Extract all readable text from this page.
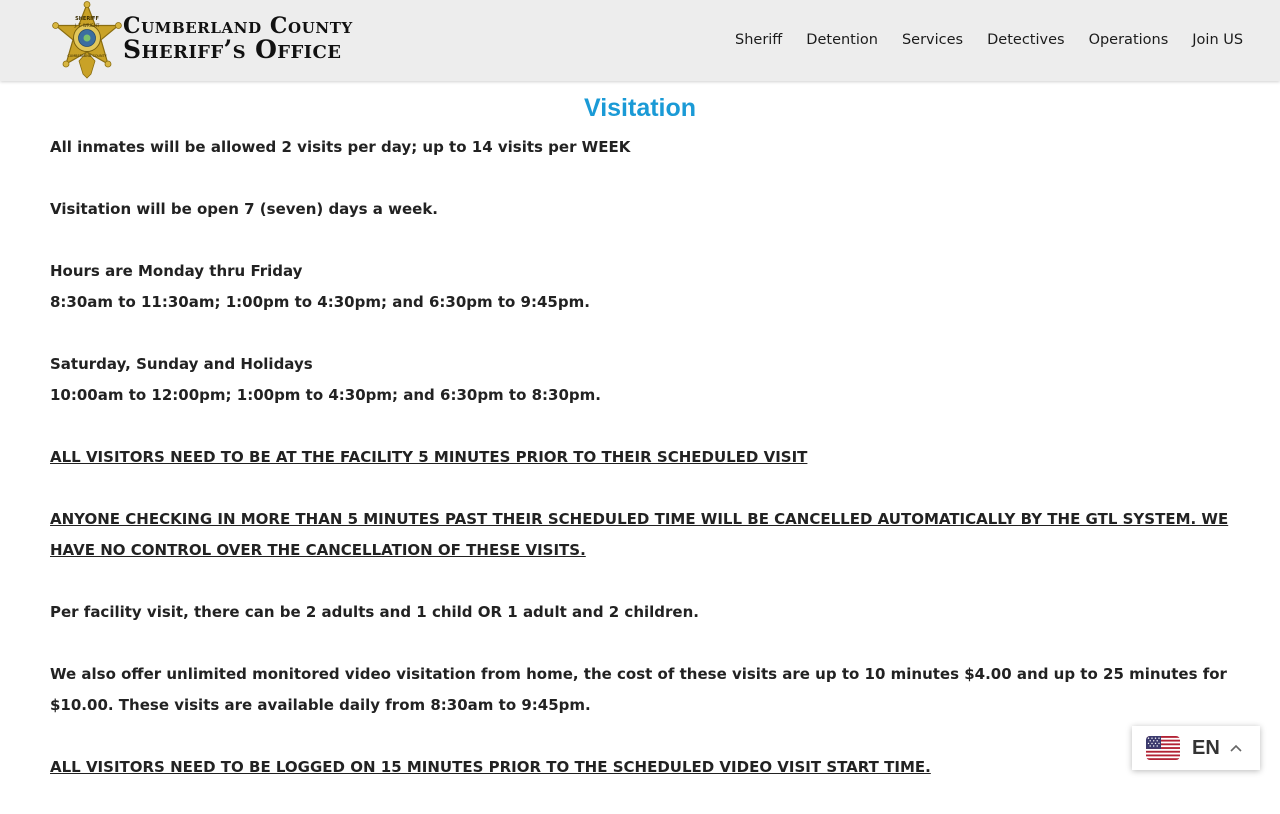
SHERIFF
J. T. WRIGHT
CUMBERLAND COUNTY
Cumberland County
Sheriff’s Office	Sheriff Detention Services Detectives Operations Join US
Visitation

All inmates will be allowed 2 visits per day; up to 14 visits per WEEK

Visitation will be open 7 (seven) days a week.

Hours are Monday thru Friday
8:30am to 11:30am; 1:00pm to 4:30pm; and 6:30pm to 9:45pm.

Saturday, Sunday and Holidays
10:00am to 12:00pm; 1:00pm to 4:30pm; and 6:30pm to 8:30pm.

ALL VISITORS NEED TO BE AT THE FACILITY 5 MINUTES PRIOR TO THEIR SCHEDULED VISIT

ANYONE CHECKING IN MORE THAN 5 MINUTES PAST THEIR SCHEDULED TIME WILL BE CANCELLED AUTOMATICALLY BY THE GTL SYSTEM. WE HAVE NO CONTROL OVER THE CANCELLATION OF THESE VISITS.

Per facility visit, there can be 2 adults and 1 child OR 1 adult and 2 children.

We also offer unlimited monitored video visitation from home, the cost of these visits are up to 10 minutes $4.00 and up to 25 minutes for $10.00. These visits are available daily from 8:30am to 9:45pm.

ALL VISITORS NEED TO BE LOGGED ON 15 MINUTES PRIOR TO THE SCHEDULED VIDEO VISIT START TIME.

EN
